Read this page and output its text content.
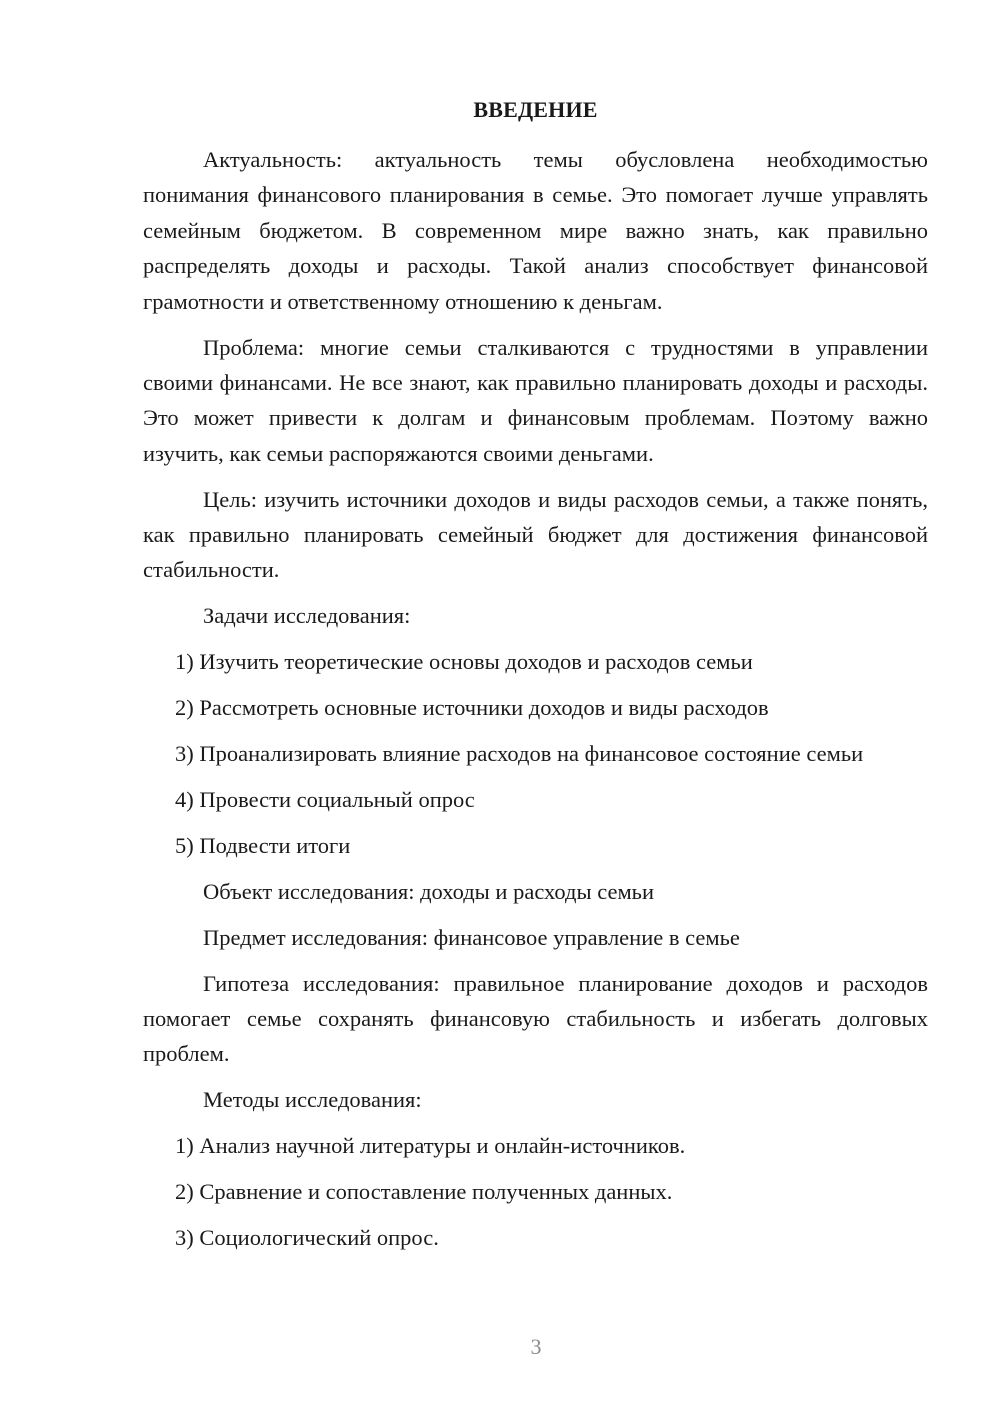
ВВЕДЕНИЕ

Актуальность: актуальность темы обусловлена необходимостью понимания финансового планирования в семье. Это помогает лучше управлять семейным бюджетом. В современном мире важно знать, как правильно распределять доходы и расходы. Такой анализ способствует финансовой грамотности и ответственному отношению к деньгам.

Проблема: многие семьи сталкиваются с трудностями в управлении своими финансами. Не все знают, как правильно планировать доходы и расходы. Это может привести к долгам и финансовым проблемам. Поэтому важно изучить, как семьи распоряжаются своими деньгами.

Цель: изучить источники доходов и виды расходов семьи, а также понять, как правильно планировать семейный бюджет для достижения финансовой стабильности.

Задачи исследования:

1) Изучить теоретические основы доходов и расходов семьи

2) Рассмотреть основные источники доходов и виды расходов

3) Проанализировать влияние расходов на финансовое состояние семьи

4) Провести социальный опрос

5) Подвести итоги

Объект исследования: доходы и расходы семьи

Предмет исследования: финансовое управление в семье

Гипотеза исследования: правильное планирование доходов и расходов помогает семье сохранять финансовую стабильность и избегать долговых проблем.

Методы исследования:

1) Анализ научной литературы и онлайн-источников.

2) Сравнение и сопоставление полученных данных.

3) Социологический опрос.

3
